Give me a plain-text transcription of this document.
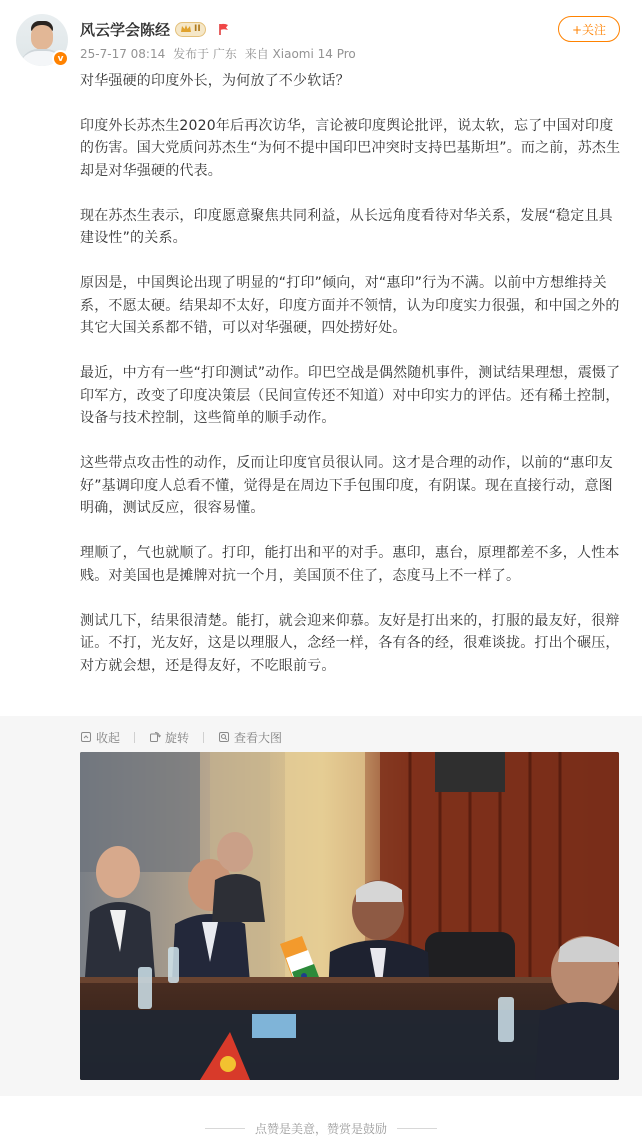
v
风云学会陈经	II
25-7-17 08:14 发布于 广东 来自 Xiaomi 14 Pro
+关注

对华强硬的印度外长，为何放了不少软话？

印度外长苏杰生2020年后再次访华，言论被印度舆论批评，说太软，忘了中国对印度的伤害。国大党质问苏杰生“为何不提中国印巴冲突时支持巴基斯坦”。而之前，苏杰生却是对华强硬的代表。

现在苏杰生表示，印度愿意聚焦共同利益，从长远角度看待对华关系，发展“稳定且具建设性”的关系。

原因是，中国舆论出现了明显的“打印”倾向，对“惠印”行为不满。以前中方想维持关系，不愿太硬。结果却不太好，印度方面并不领情，认为印度实力很强，和中国之外的其它大国关系都不错，可以对华强硬，四处捞好处。

最近，中方有一些“打印测试”动作。印巴空战是偶然随机事件，测试结果理想，震慑了印军方，改变了印度决策层（民间宣传还不知道）对中印实力的评估。还有稀土控制，设备与技术控制，这些简单的顺手动作。

这些带点攻击性的动作，反而让印度官员很认同。这才是合理的动作，以前的“惠印友好”基调印度人总看不懂，觉得是在周边下手包围印度，有阴谋。现在直接行动，意图明确，测试反应，很容易懂。

理顺了，气也就顺了。打印，能打出和平的对手。惠印，惠台，原理都差不多，人性本贱。对美国也是摊牌对抗一个月，美国顶不住了，态度马上不一样了。

测试几下，结果很清楚。能打，就会迎来仰慕。友好是打出来的，打服的最友好，很辩证。不打，光友好，这是以理服人，念经一样，各有各的经，很难谈拢。打出个碾压，对方就会想，还是得友好，不吃眼前亏。

收起	旋转	查看大图
点赞是美意，赞赏是鼓励
